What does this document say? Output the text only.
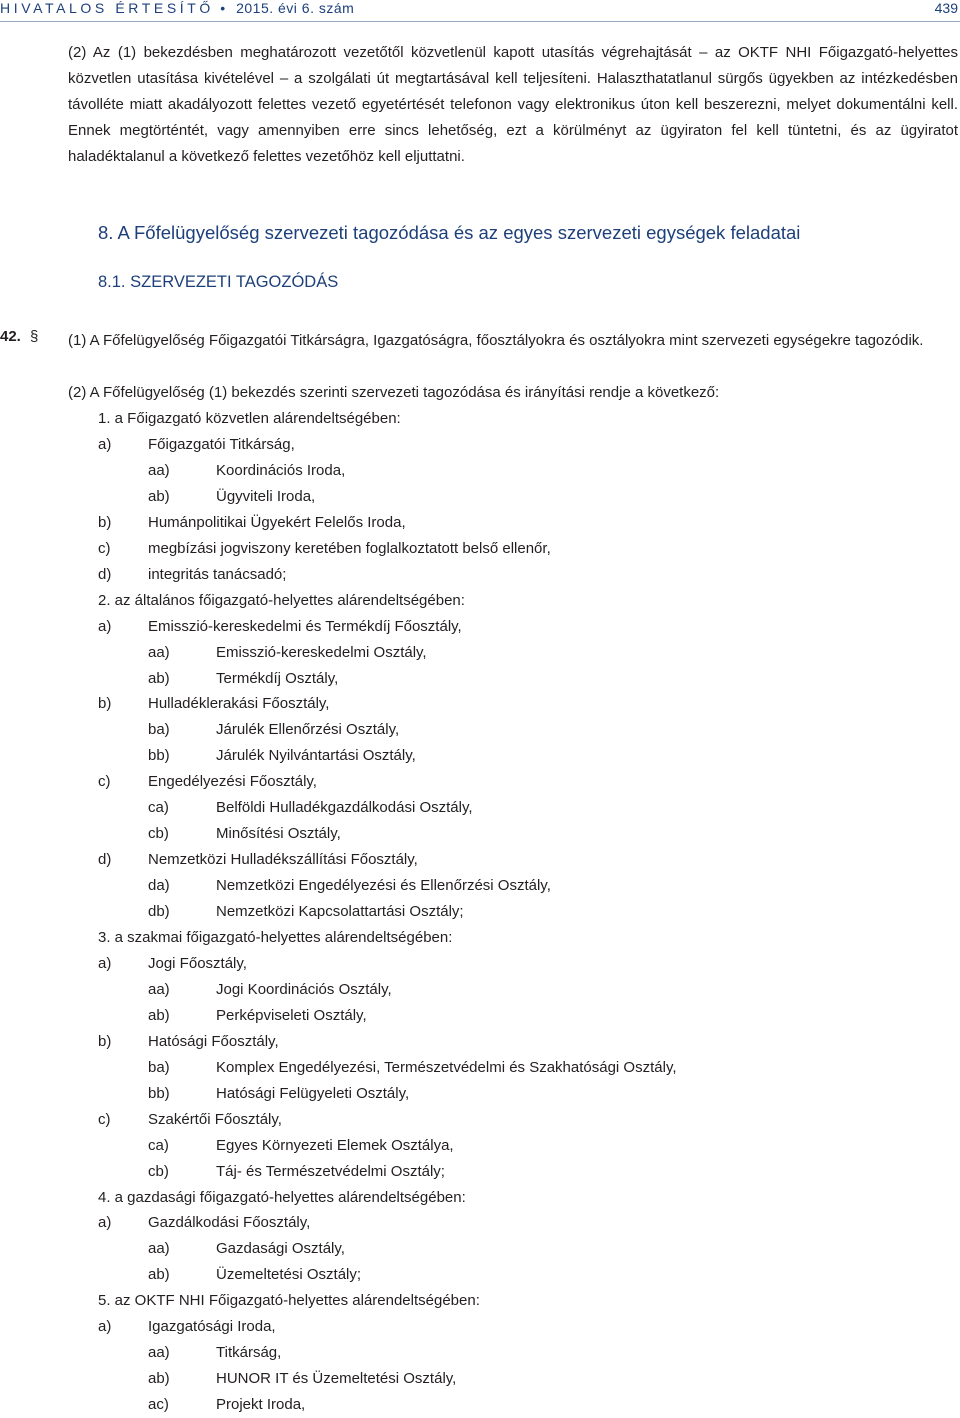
HIVATALOS ÉRTESÍTŐ • 2015. évi 6. szám	439
(2) Az (1) bekezdésben meghatározott vezetőtől közvetlenül kapott utasítás végrehajtását – az OKTF NHI Főigazgató-helyettes közvetlen utasítása kivételével – a szolgálati út megtartásával kell teljesíteni. Halaszthatatlanul sürgős ügyekben az intézkedésben távolléte miatt akadályozott felettes vezető egyetértését telefonon vagy elektronikus úton kell beszerezni, melyet dokumentálni kell. Ennek megtörténtét, vagy amennyiben erre sincs lehetőség, ezt a körülményt az ügyiraton fel kell tüntetni, és az ügyiratot haladéktalanul a következő felettes vezetőhöz kell eljuttatni.
8. A Főfelügyelőség szervezeti tagozódása és az egyes szervezeti egységek feladatai
8.1. SZERVEZETI TAGOZÓDÁS
42. § (1) A Főfelügyelőség Főigazgatói Titkárságra, Igazgatóságra, főosztályokra és osztályokra mint szervezeti egységekre tagozódik.
(2) A Főfelügyelőség (1) bekezdés szerinti szervezeti tagozódása és irányítási rendje a következő:
1. a Főigazgató közvetlen alárendeltségében:
a) Főigazgatói Titkárság,
aa)	Koordinációs Iroda,
ab)	Ügyviteli Iroda,
b) Humánpolitikai Ügyekért Felelős Iroda,
c)	megbízási jogviszony keretében foglalkoztatott belső ellenőr,
d) integritás tanácsadó;
2. az általános főigazgató-helyettes alárendeltségében:
a) Emisszió-kereskedelmi és Termékdíj Főosztály,
aa)	Emisszió-kereskedelmi Osztály,
ab)	Termékdíj Osztály,
b) Hulladéklerakási Főosztály,
ba)	Járulék Ellenőrzési Osztály,
bb)	Járulék Nyilvántartási Osztály,
c)	Engedélyezési Főosztály,
ca)	Belföldi Hulladékgazdálkodási Osztály,
cb)	Minősítési Osztály,
d) Nemzetközi Hulladékszállítási Főosztály,
da)	Nemzetközi Engedélyezési és Ellenőrzési Osztály,
db)	Nemzetközi Kapcsolattartási Osztály;
3. a szakmai főigazgató-helyettes alárendeltségében:
a) Jogi Főosztály,
aa)	Jogi Koordinációs Osztály,
ab)	Perképviseleti Osztály,
b) Hatósági Főosztály,
ba)	Komplex Engedélyezési, Természetvédelmi és Szakhatósági Osztály,
bb)	Hatósági Felügyeleti Osztály,
c)	Szakértői Főosztály,
ca)	Egyes Környezeti Elemek Osztálya,
cb)	Táj- és Természetvédelmi Osztály;
4. a gazdasági főigazgató-helyettes alárendeltségében:
a) Gazdálkodási Főosztály,
aa)	Gazdasági Osztály,
ab)	Üzemeltetési Osztály;
5. az OKTF NHI Főigazgató-helyettes alárendeltségében:
a) Igazgatósági Iroda,
aa)	Titkárság,
ab)	HUNOR IT és Üzemeltetési Osztály,
ac)	Projekt Iroda,
